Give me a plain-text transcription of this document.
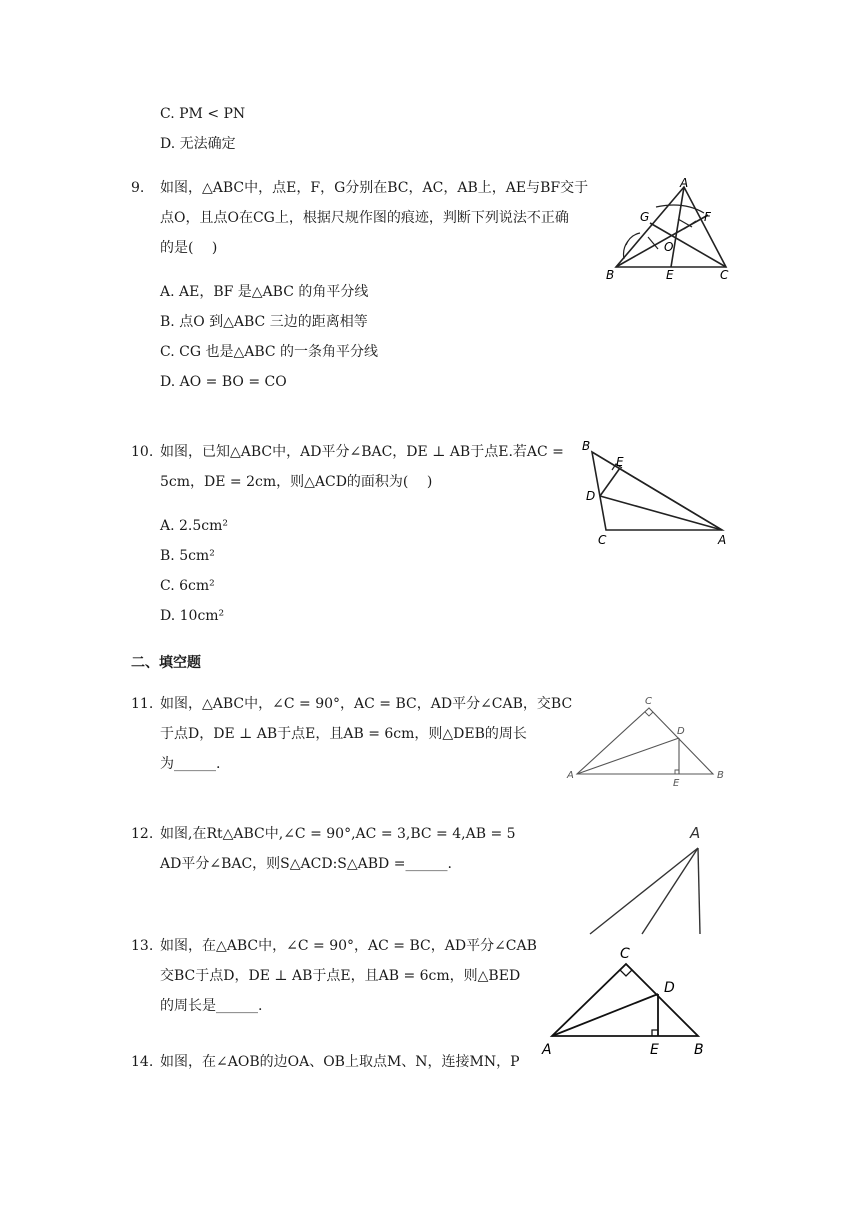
C. PM < PN
D. 无法确定
9. 如图，△ABC中，点E，F，G分别在BC，AC，AB上，AE与BF交于
点O，且点O在CG上，根据尺规作图的痕迹，判断下列说法不正确
的是(　 )
A
G	F
O
B	E	C
A. AE，BF 是△ABC 的角平分线
B. 点O 到△ABC 三边的距离相等
C. CG 也是△ABC 的一条角平分线
D. AO = BO = CO
10. 如图，已知△ABC中，AD平分∠BAC，DE ⊥ AB于点E.若AC =
5cm，DE = 2cm，则△ACD的面积为(　 )
B
E
D
C	A
A. 2.5cm²
B. 5cm²
C. 6cm²
D. 10cm²
二、填空题
11. 如图，△ABC中，∠C = 90°，AC = BC，AD平分∠CAB，交BC
于点D，DE ⊥ AB于点E，且AB = 6cm，则△DEB的周长
为______.
C
D
A
E
B
12. 如图,在Rt△ABC中,∠C = 90°,AC = 3,BC = 4,AB = 5
AD平分∠BAC，则S△ACD:S△ABD =______.
A
13. 如图，在△ABC中，∠C = 90°，AC = BC，AD平分∠CAB
交BC于点D，DE ⊥ AB于点E，且AB = 6cm，则△BED
的周长是______.
C
D
A	E	B
14. 如图，在∠AOB的边OA、OB上取点M、N，连接MN，P
